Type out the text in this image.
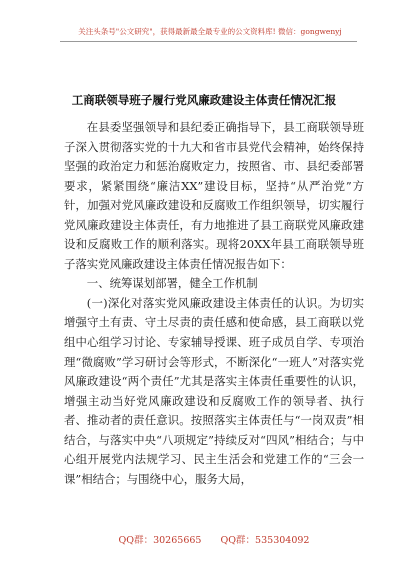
关注头条号"公文研究"，获得最新最全最专业的公文资料库! 微信：gongwenyj
工商联领导班子履行党风廉政建设主体责任情况汇报

在县委坚强领导和县纪委正确指导下，县工商联领导班子深入贯彻落实党的十九大和省市县党代会精神，始终保持坚强的政治定力和惩治腐败定力，按照省、市、县纪委部署要求，紧紧围绕“廉洁XX”建设目标，坚持“从严治党”方针，加强对党风廉政建设和反腐败工作组织领导，切实履行党风廉政建设主体责任，有力地推进了县工商联党风廉政建设和反腐败工作的顺利落实。现将20XX年县工商联领导班子落实党风廉政建设主体责任情况报告如下：

一、统筹谋划部署，健全工作机制

(一)深化对落实党风廉政建设主体责任的认识。为切实增强守土有责、守土尽责的责任感和使命感，县工商联以党组中心组学习讨论、专家辅导授课、班子成员自学、专项治理“微腐败”学习研讨会等形式，不断深化“一班人”对落实党风廉政建设“两个责任”尤其是落实主体责任重要性的认识，增强主动当好党风廉政建设和反腐败工作的领导者、执行者、推动者的责任意识。按照落实主体责任与“一岗双责”相结合，与落实中央“八项规定”持续反对“四风”相结合；与中心组开展党内法规学习、民主生活会和党建工作的“三会一课”相结合；与围绕中心，服务大局，

QQ群：30265665 QQ群：535304092
